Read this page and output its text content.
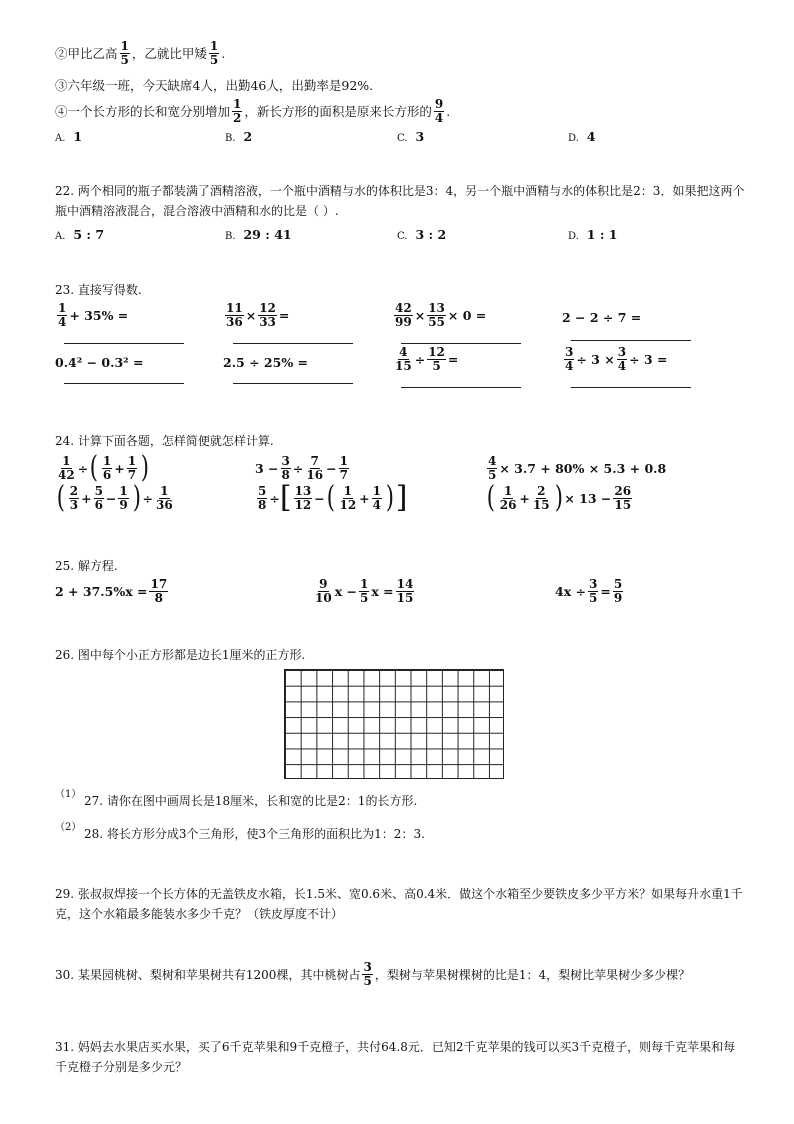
②甲比乙高 $\frac{1}{5}$ ，乙就比甲矮 $\frac{1}{5}$ .
③六年级一班，今天缺席4人，出勤46人，出勤率是92%.
④一个长方形的长和宽分别增加 $\frac{1}{2}$ ，新长方形的面积是原来长方形的 $\frac{9}{4}$ .
A. 1	B. 2	C. 3	D. 4
22. 两个相同的瓶子都装满了酒精溶液，一个瓶中酒精与水的体积比是3：4，另一个瓶中酒精与水的体积比是2：3．如果把这两个
瓶中酒精溶液混合，混合溶液中酒精和水的比是（ ）.
A. 5 : 7	B. 29 : 41	C. 3 : 2	D. 1 : 1
23. 直接写得数.
$\frac{1}{4} + 35\%$ =	$\frac{11}{36} \times \frac{12}{33}$ =	$\frac{42}{99} \times \frac{13}{55} \times 0$ =	2 − 2 ÷ 7 =
0.4² − 0.3² =	2.5 ÷ 25% =	$\frac{4}{15} \div \frac{12}{5}$ =	$\frac{3}{4} \div 3 \times \frac{3}{4} \div 3$ =
24. 计算下面各题，怎样简便就怎样计算.
$\frac{1}{42}$ ÷ ( $\frac{1}{6} + \frac{1}{7}$ )	$3 - \frac{3}{8} \div \frac{7}{16} - \frac{1}{7}$	$\frac{4}{5} \times 3.7 + 80\% \times 5.3 + 0.8$
( $\frac{2}{3} + \frac{5}{6} - \frac{1}{9}$ ) ÷ $\frac{1}{36}$	$\frac{5}{8}$ ÷ [ $\frac{13}{12}$ − ( $\frac{1}{12} + \frac{1}{4}$ ) ]	( $\frac{1}{26} + \frac{2}{15}$ ) × $13 - \frac{26}{15}$
25. 解方程.
$2 + 37.5\%x = \frac{17}{8}$	$\frac{9}{10}$ $x - \frac{1}{5}$ $x = \frac{14}{15}$	$4x \div \frac{3}{5} = \frac{5}{9}$
26. 图中每个小正方形都是边长1厘米的正方形.
（1） 27. 请你在图中画周长是18厘米，长和宽的比是2：1的长方形.
（2） 28. 将长方形分成3个三角形，使3个三角形的面积比为1：2：3.
29. 张叔叔焊接一个长方体的无盖铁皮水箱，长1.5米、宽0.6米、高0.4米．做这个水箱至少要铁皮多少平方米？如果每升水重1千
克，这个水箱最多能装水多少千克？（铁皮厚度不计）
30. 某果园桃树、梨树和苹果树共有1200棵，其中桃树占 $\frac{3}{5}$ ，梨树与苹果树棵树的比是1：4，梨树比苹果树少多少棵？
31. 妈妈去水果店买水果，买了6千克苹果和9千克橙子，共付64.8元．已知2千克苹果的钱可以买3千克橙子，则每千克苹果和每
千克橙子分别是多少元？
